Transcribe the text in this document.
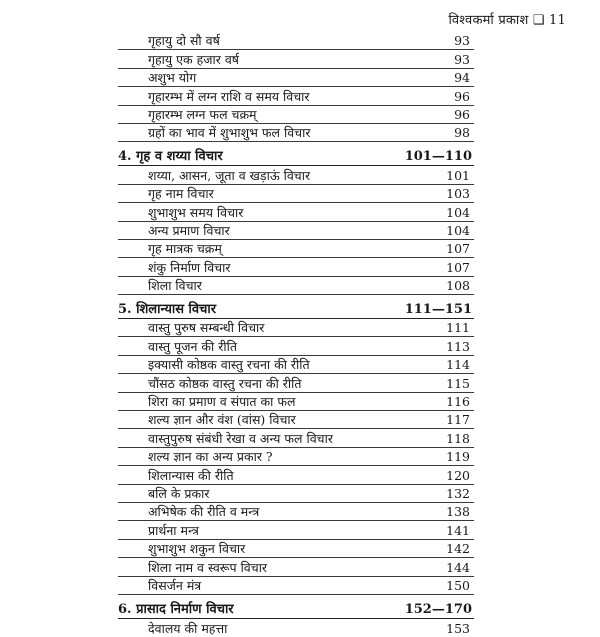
विश्वकर्मा प्रकाश ❑ 11
गृहायु दो सौ वर्ष	93
गृहायु एक हजार वर्ष	93
अशुभ योग	94
गृहारम्भ में लग्न राशि व समय विचार	96
गृहारम्भ लग्न फल चक्रम्	96
ग्रहों का भाव में शुभाशुभ फल विचार	98
4. गृह व शय्या विचार	101—110
शय्या, आसन, जूता व खड़ाऊं विचार	101
गृह नाम विचार	103
शुभाशुभ समय विचार	104
अन्य प्रमाण विचार	104
गृह मात्रक चक्रम्	107
शंकु निर्माण विचार	107
शिला विचार	108
5. शिलान्यास विचार	111—151
वास्तु पुरुष सम्बन्धी विचार	111
वास्तु पूजन की रीति	113
इक्यासी कोष्ठक वास्तु रचना की रीति	114
चौंसठ कोष्ठक वास्तु रचना की रीति	115
शिरा का प्रमाण व संपात का फल	116
शल्य ज्ञान और वंश (वांस) विचार	117
वास्तुपुरुष संबंधी रेखा व अन्य फल विचार	118
शल्य ज्ञान का अन्य प्रकार ?	119
शिलान्यास की रीति	120
बलि के प्रकार	132
अभिषेक की रीति व मन्त्र	138
प्रार्थना मन्त्र	141
शुभाशुभ शकुन विचार	142
शिला नाम व स्वरूप विचार	144
विसर्जन मंत्र	150
6. प्रासाद निर्माण विचार	152—170
देवालय की महत्ता	153
